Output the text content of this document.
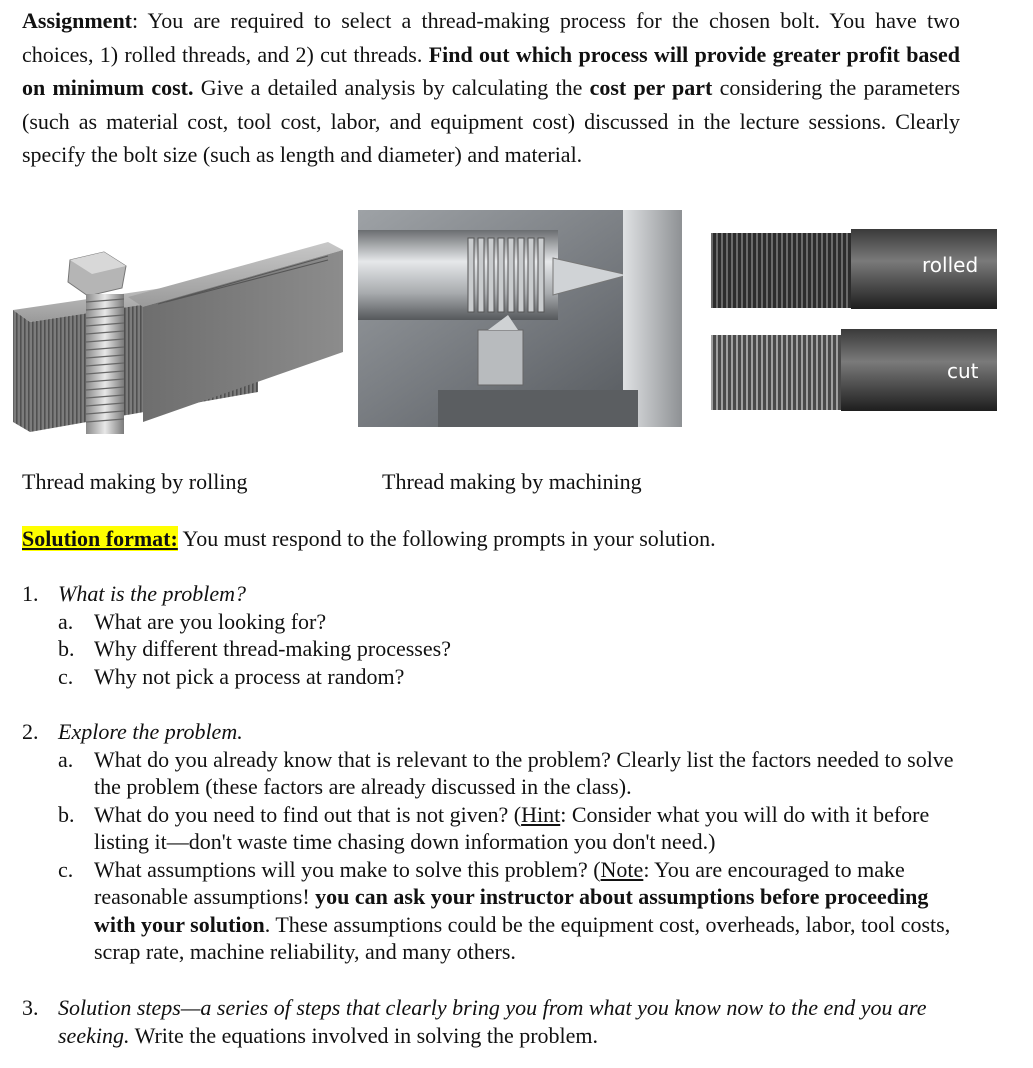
Assignment: You are required to select a thread-making process for the chosen bolt. You have two choices, 1) rolled threads, and 2) cut threads. Find out which process will provide greater profit based on minimum cost. Give a detailed analysis by calculating the cost per part considering the parameters (such as material cost, tool cost, labor, and equipment cost) discussed in the lecture sessions. Clearly specify the bolt size (such as length and diameter) and material.
rolled
cut
Thread making by rolling	Thread making by machining
Solution format: You must respond to the following prompts in your solution.
1. What is the problem?
a. What are you looking for?
b. Why different thread-making processes?
c. Why not pick a process at random?
2. Explore the problem.
a. What do you already know that is relevant to the problem? Clearly list the factors needed to solve the problem (these factors are already discussed in the class).
b. What do you need to find out that is not given? (Hint: Consider what you will do with it before listing it—don't waste time chasing down information you don't need.)
c. What assumptions will you make to solve this problem? (Note: You are encouraged to make reasonable assumptions! you can ask your instructor about assumptions before proceeding with your solution. These assumptions could be the equipment cost, overheads, labor, tool costs, scrap rate, machine reliability, and many others.
3. Solution steps—a series of steps that clearly bring you from what you know now to the end you are seeking. Write the equations involved in solving the problem.
